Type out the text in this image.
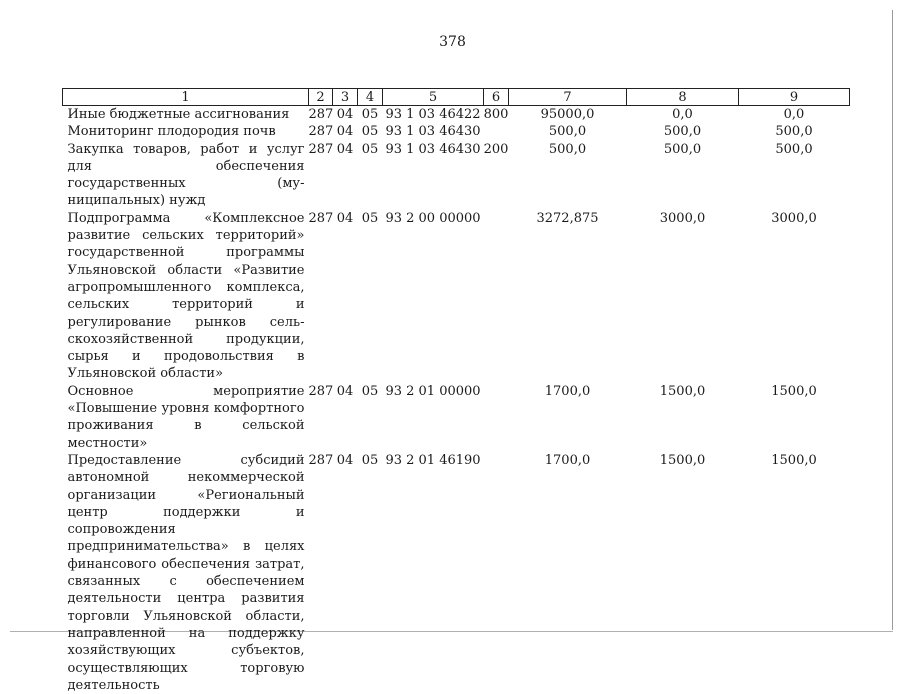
378
1	2	3	4	5	6	7	8	9
Иные бюджетные ассигнования	287	04	05	93 1 03 46422	800	95000,0	0,0	0,0
Мониторинг плодородия почв	287	04	05	93 1 03 46430		500,0	500,0	500,0
Закупка товаров, работ и услуг для обеспечения государственных (муниципальных) нужд	287	04	05	93 1 03 46430	200	500,0	500,0	500,0
Подпрограмма «Комплексное развитие сельских территорий» государственной программы Ульяновской области «Развитие агропромышленного комплекса, сельских территорий и регулирование рынков сельскохозяйственной продукции, сырья и продовольствия в Ульяновской области»	287	04	05	93 2 00 00000		3272,875	3000,0	3000,0
Основное мероприятие «Повышение уровня комфортного проживания в сельской местности»	287	04	05	93 2 01 00000		1700,0	1500,0	1500,0
Предоставление субсидий автономной некоммерческой организации «Региональный центр поддержки и сопровождения предпринимательства» в целях финансового обеспечения затрат, связанных с обеспечением деятельности центра развития торговли Ульяновской области, направленной на поддержку хозяйствующих субъектов, осуществляющих торговую деятельность	287	04	05	93 2 01 46190		1700,0	1500,0	1500,0
